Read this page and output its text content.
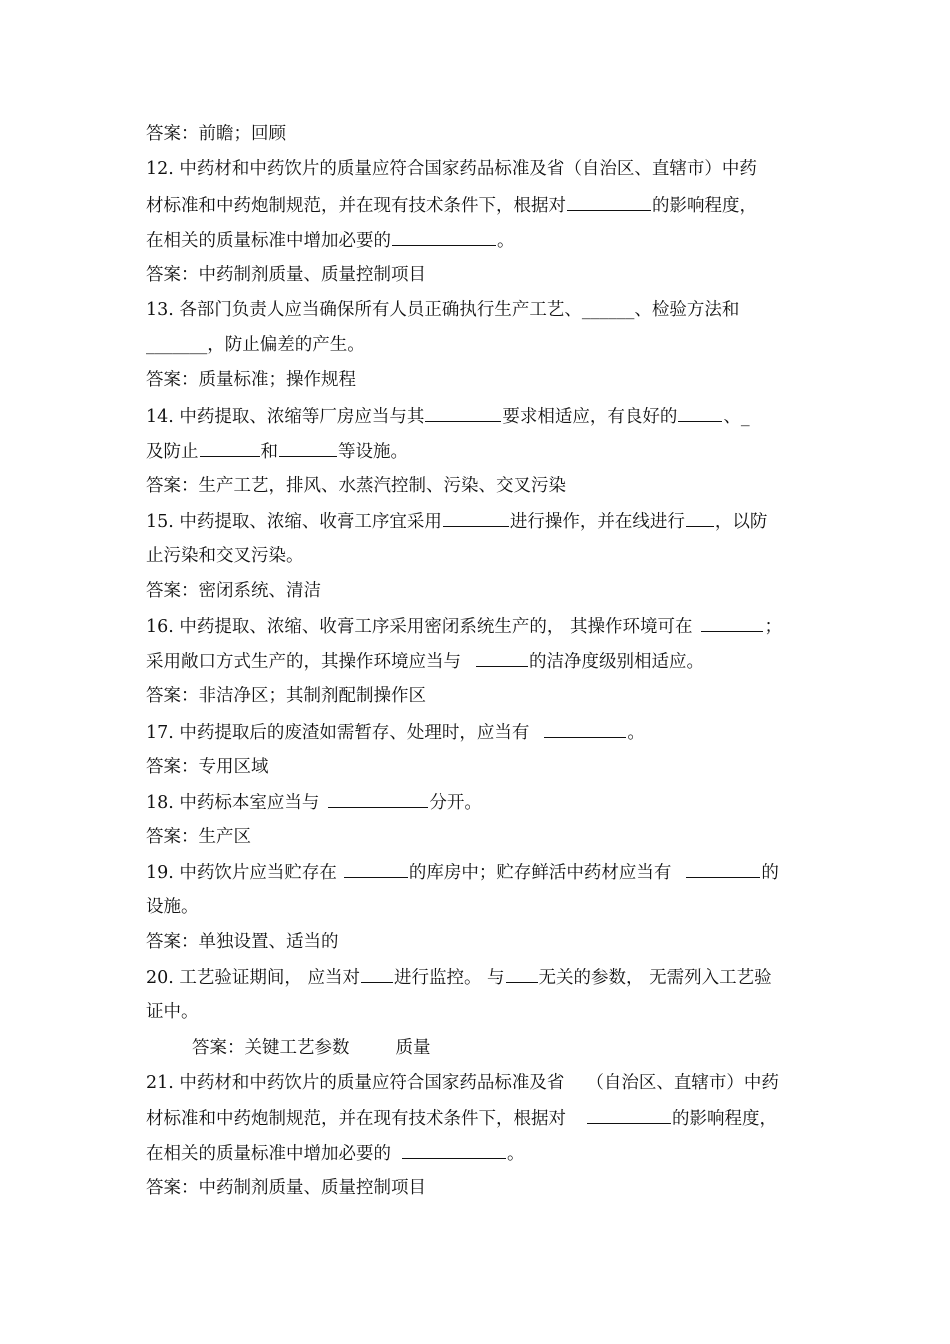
答案：前瞻；回顾
12. 中药材和中药饮片的质量应符合国家药品标准及省（自治区、直辖市）中药
材标准和中药炮制规范，并在现有技术条件下，根据对	的影响程度，
在相关的质量标准中增加必要的	。
答案：中药制剂质量、质量控制项目
13. 各部门负责人应当确保所有人员正确执行生产工艺、______、检验方法和
_______，防止偏差的产生。
答案：质量标准；操作规程
14. 中药提取、浓缩等厂房应当与其	要求相适应，有良好的	、_
及防止	和	等设施。
答案：生产工艺，排风、水蒸汽控制、污染、交叉污染
15. 中药提取、浓缩、收膏工序宜采用	进行操作，并在线进行 ，以防
止污染和交叉污染。
答案：密闭系统、清洁
16. 中药提取、浓缩、收膏工序采用密闭系统生产的， 其操作环境可在	；
采用敞口方式生产的，其操作环境应当与	的洁净度级别相适应。
答案：非洁净区；其制剂配制操作区
17. 中药提取后的废渣如需暂存、处理时，应当有	。
答案：专用区域
18. 中药标本室应当与	分开。
答案：生产区
19. 中药饮片应当贮存在	的库房中；贮存鲜活中药材应当有	的
设施。
答案：单独设置、适当的
20. 工艺验证期间， 应当对 进行监控。 与 无关的参数， 无需列入工艺验
证中。
答案：关键工艺参数	质量
21. 中药材和中药饮片的质量应符合国家药品标准及省 （自治区、直辖市）中药
材标准和中药炮制规范，并在现有技术条件下，根据对	的影响程度，
在相关的质量标准中增加必要的	。
答案：中药制剂质量、质量控制项目
